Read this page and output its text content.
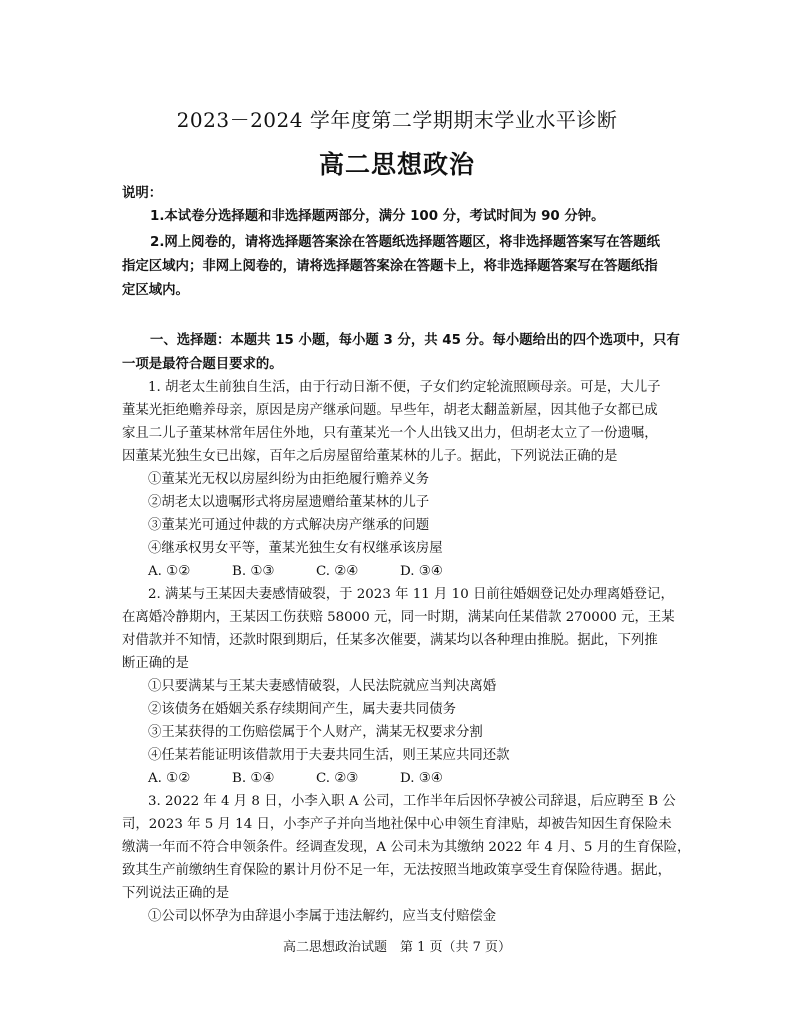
2023－2024 学年度第二学期期末学业水平诊断
高二思想政治
说明：
1.本试卷分选择题和非选择题两部分，满分 100 分，考试时间为 90 分钟。
2.网上阅卷的，请将选择题答案涂在答题纸选择题答题区，将非选择题答案写在答题纸
指定区域内；非网上阅卷的，请将选择题答案涂在答题卡上，将非选择题答案写在答题纸指
定区域内。
一、选择题：本题共 15 小题，每小题 3 分，共 45 分。每小题给出的四个选项中，只有
一项是最符合题目要求的。
1. 胡老太生前独自生活，由于行动日渐不便，子女们约定轮流照顾母亲。可是，大儿子
董某光拒绝赡养母亲，原因是房产继承问题。早些年，胡老太翻盖新屋，因其他子女都已成
家且二儿子董某林常年居住外地，只有董某光一个人出钱又出力，但胡老太立了一份遗嘱，
因董某光独生女已出嫁，百年之后房屋留给董某林的儿子。据此，下列说法正确的是
①董某光无权以房屋纠纷为由拒绝履行赡养义务
②胡老太以遗嘱形式将房屋遗赠给董某林的儿子
③董某光可通过仲裁的方式解决房产继承的问题
④继承权男女平等，董某光独生女有权继承该房屋
A. ①②	B. ①③	C. ②④	D. ③④
2. 满某与王某因夫妻感情破裂，于 2023 年 11 月 10 日前往婚姻登记处办理离婚登记，
在离婚冷静期内，王某因工伤获赔 58000 元，同一时期，满某向任某借款 270000 元，王某
对借款并不知情，还款时限到期后，任某多次催要，满某均以各种理由推脱。据此，下列推
断正确的是
①只要满某与王某夫妻感情破裂，人民法院就应当判决离婚
②该债务在婚姻关系存续期间产生，属夫妻共同债务
③王某获得的工伤赔偿属于个人财产，满某无权要求分割
④任某若能证明该借款用于夫妻共同生活，则王某应共同还款
A. ①②	B. ①④	C. ②③	D. ③④
3. 2022 年 4 月 8 日，小李入职 A 公司，工作半年后因怀孕被公司辞退，后应聘至 B 公
司，2023 年 5 月 14 日，小李产子并向当地社保中心申领生育津贴，却被告知因生育保险未
缴满一年而不符合申领条件。经调查发现，A 公司未为其缴纳 2022 年 4 月、5 月的生育保险，
致其生产前缴纳生育保险的累计月份不足一年，无法按照当地政策享受生育保险待遇。据此，
下列说法正确的是
①公司以怀孕为由辞退小李属于违法解约，应当支付赔偿金
高二思想政治试题　第 1 页（共 7 页）
